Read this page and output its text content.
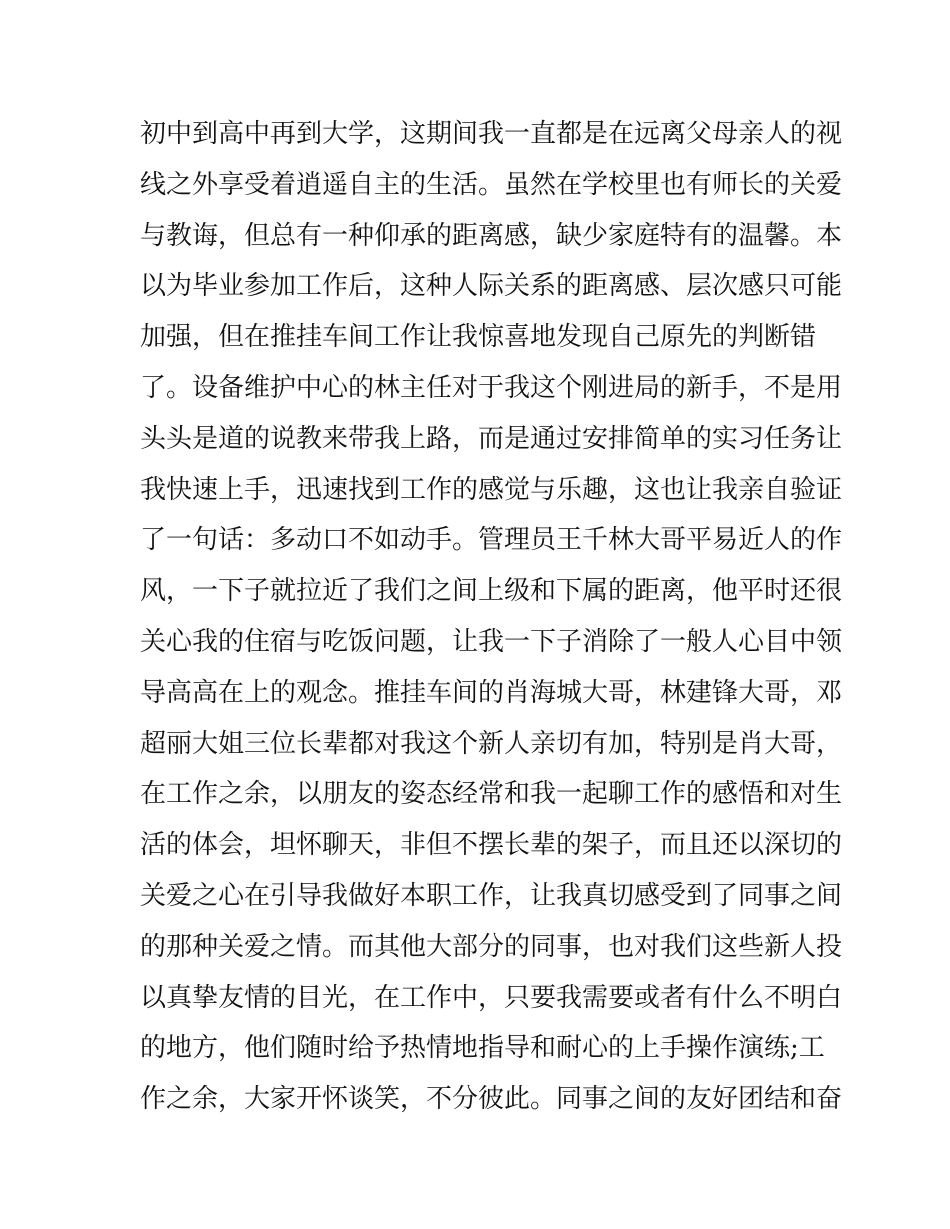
初中到高中再到大学，这期间我一直都是在远离父母亲人的视
线之外享受着逍遥自主的生活。虽然在学校里也有师长的关爱
与教诲，但总有一种仰承的距离感，缺少家庭特有的温馨。本
以为毕业参加工作后，这种人际关系的距离感、层次感只可能
加强，但在推挂车间工作让我惊喜地发现自己原先的判断错
了。设备维护中心的林主任对于我这个刚进局的新手，不是用
头头是道的说教来带我上路，而是通过安排简单的实习任务让
我快速上手，迅速找到工作的感觉与乐趣，这也让我亲自验证
了一句话：多动口不如动手。管理员王千林大哥平易近人的作
风，一下子就拉近了我们之间上级和下属的距离，他平时还很
关心我的住宿与吃饭问题，让我一下子消除了一般人心目中领
导高高在上的观念。推挂车间的肖海城大哥，林建锋大哥，邓
超丽大姐三位长辈都对我这个新人亲切有加，特别是肖大哥，
在工作之余，以朋友的姿态经常和我一起聊工作的感悟和对生
活的体会，坦怀聊天，非但不摆长辈的架子，而且还以深切的
关爱之心在引导我做好本职工作，让我真切感受到了同事之间
的那种关爱之情。而其他大部分的同事，也对我们这些新人投
以真挚友情的目光，在工作中，只要我需要或者有什么不明白
的地方，他们随时给予热情地指导和耐心的上手操作演练;工
作之余，大家开怀谈笑，不分彼此。同事之间的友好团结和奋
